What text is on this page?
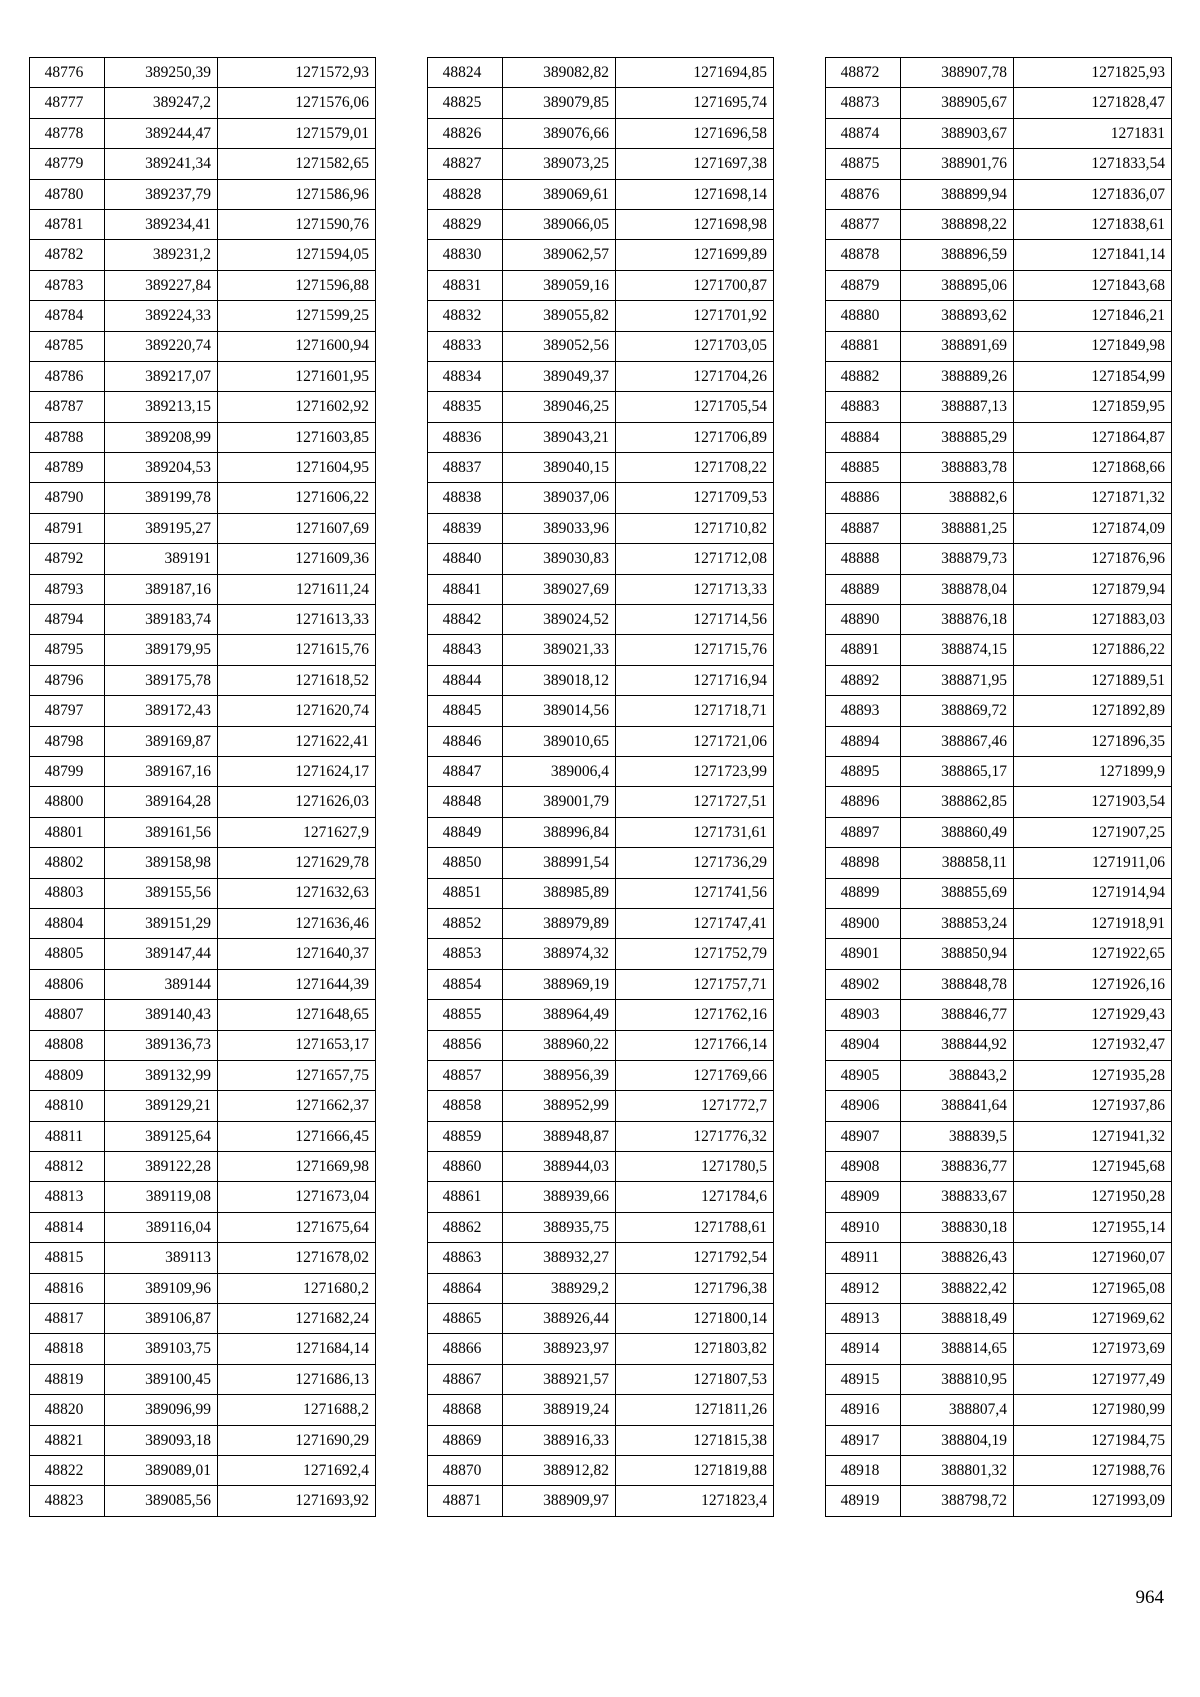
48776	389250,39	1271572,93
48777	389247,2	1271576,06
48778	389244,47	1271579,01
48779	389241,34	1271582,65
48780	389237,79	1271586,96
48781	389234,41	1271590,76
48782	389231,2	1271594,05
48783	389227,84	1271596,88
48784	389224,33	1271599,25
48785	389220,74	1271600,94
48786	389217,07	1271601,95
48787	389213,15	1271602,92
48788	389208,99	1271603,85
48789	389204,53	1271604,95
48790	389199,78	1271606,22
48791	389195,27	1271607,69
48792	389191	1271609,36
48793	389187,16	1271611,24
48794	389183,74	1271613,33
48795	389179,95	1271615,76
48796	389175,78	1271618,52
48797	389172,43	1271620,74
48798	389169,87	1271622,41
48799	389167,16	1271624,17
48800	389164,28	1271626,03
48801	389161,56	1271627,9
48802	389158,98	1271629,78
48803	389155,56	1271632,63
48804	389151,29	1271636,46
48805	389147,44	1271640,37
48806	389144	1271644,39
48807	389140,43	1271648,65
48808	389136,73	1271653,17
48809	389132,99	1271657,75
48810	389129,21	1271662,37
48811	389125,64	1271666,45
48812	389122,28	1271669,98
48813	389119,08	1271673,04
48814	389116,04	1271675,64
48815	389113	1271678,02
48816	389109,96	1271680,2
48817	389106,87	1271682,24
48818	389103,75	1271684,14
48819	389100,45	1271686,13
48820	389096,99	1271688,2
48821	389093,18	1271690,29
48822	389089,01	1271692,4
48823	389085,56	1271693,92
48824	389082,82	1271694,85
48825	389079,85	1271695,74
48826	389076,66	1271696,58
48827	389073,25	1271697,38
48828	389069,61	1271698,14
48829	389066,05	1271698,98
48830	389062,57	1271699,89
48831	389059,16	1271700,87
48832	389055,82	1271701,92
48833	389052,56	1271703,05
48834	389049,37	1271704,26
48835	389046,25	1271705,54
48836	389043,21	1271706,89
48837	389040,15	1271708,22
48838	389037,06	1271709,53
48839	389033,96	1271710,82
48840	389030,83	1271712,08
48841	389027,69	1271713,33
48842	389024,52	1271714,56
48843	389021,33	1271715,76
48844	389018,12	1271716,94
48845	389014,56	1271718,71
48846	389010,65	1271721,06
48847	389006,4	1271723,99
48848	389001,79	1271727,51
48849	388996,84	1271731,61
48850	388991,54	1271736,29
48851	388985,89	1271741,56
48852	388979,89	1271747,41
48853	388974,32	1271752,79
48854	388969,19	1271757,71
48855	388964,49	1271762,16
48856	388960,22	1271766,14
48857	388956,39	1271769,66
48858	388952,99	1271772,7
48859	388948,87	1271776,32
48860	388944,03	1271780,5
48861	388939,66	1271784,6
48862	388935,75	1271788,61
48863	388932,27	1271792,54
48864	388929,2	1271796,38
48865	388926,44	1271800,14
48866	388923,97	1271803,82
48867	388921,57	1271807,53
48868	388919,24	1271811,26
48869	388916,33	1271815,38
48870	388912,82	1271819,88
48871	388909,97	1271823,4
48872	388907,78	1271825,93
48873	388905,67	1271828,47
48874	388903,67	1271831
48875	388901,76	1271833,54
48876	388899,94	1271836,07
48877	388898,22	1271838,61
48878	388896,59	1271841,14
48879	388895,06	1271843,68
48880	388893,62	1271846,21
48881	388891,69	1271849,98
48882	388889,26	1271854,99
48883	388887,13	1271859,95
48884	388885,29	1271864,87
48885	388883,78	1271868,66
48886	388882,6	1271871,32
48887	388881,25	1271874,09
48888	388879,73	1271876,96
48889	388878,04	1271879,94
48890	388876,18	1271883,03
48891	388874,15	1271886,22
48892	388871,95	1271889,51
48893	388869,72	1271892,89
48894	388867,46	1271896,35
48895	388865,17	1271899,9
48896	388862,85	1271903,54
48897	388860,49	1271907,25
48898	388858,11	1271911,06
48899	388855,69	1271914,94
48900	388853,24	1271918,91
48901	388850,94	1271922,65
48902	388848,78	1271926,16
48903	388846,77	1271929,43
48904	388844,92	1271932,47
48905	388843,2	1271935,28
48906	388841,64	1271937,86
48907	388839,5	1271941,32
48908	388836,77	1271945,68
48909	388833,67	1271950,28
48910	388830,18	1271955,14
48911	388826,43	1271960,07
48912	388822,42	1271965,08
48913	388818,49	1271969,62
48914	388814,65	1271973,69
48915	388810,95	1271977,49
48916	388807,4	1271980,99
48917	388804,19	1271984,75
48918	388801,32	1271988,76
48919	388798,72	1271993,09
964
